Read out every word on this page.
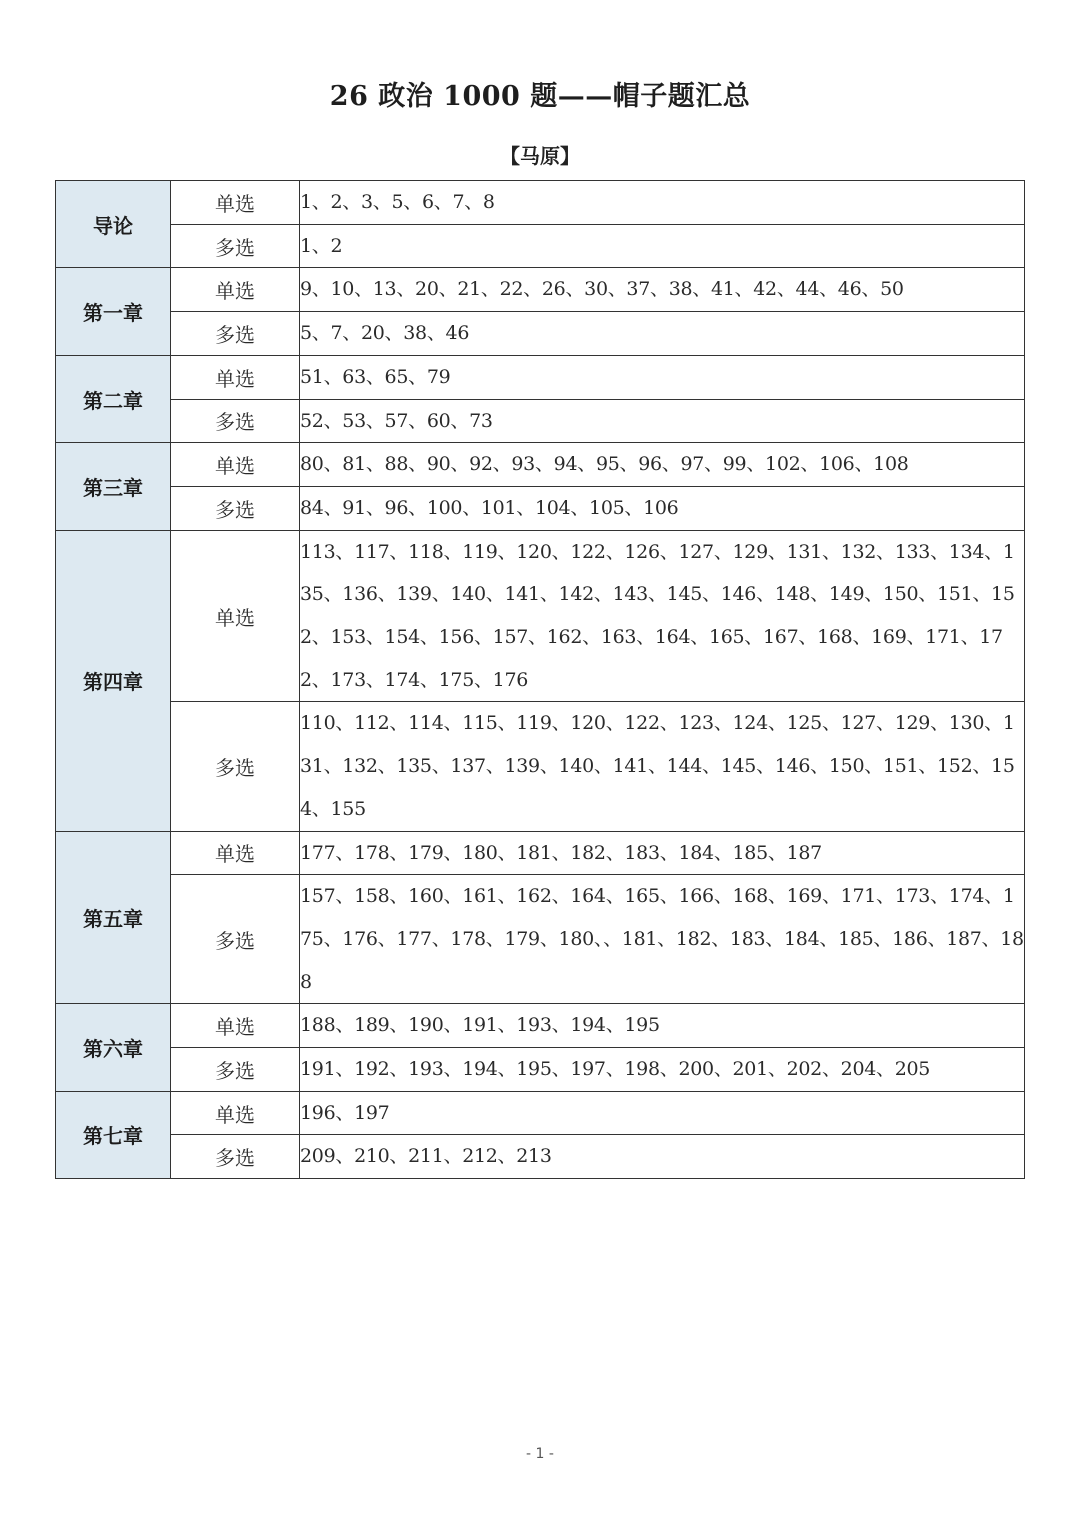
26 政治 1000 题——帽子题汇总
【马原】
导论	单选	1、2、3、5、6、7、8
	多选	1、2
第一章	单选	9、10、13、20、21、22、26、30、37、38、41、42、44、46、50
	多选	5、7、20、38、46
第二章	单选	51、63、65、79
	多选	52、53、57、60、73
第三章	单选	80、81、88、90、92、93、94、95、96、97、99、102、106、108
	多选	84、91、96、100、101、104、105、106
第四章	单选	113、117、118、119、120、122、126、127、129、131、132、133、134、135、136、139、140、141、142、143、145、146、148、149、150、151、152、153、154、156、157、162、163、164、165、167、168、169、171、172、173、174、175、176
	多选	110、112、114、115、119、120、122、123、124、125、127、129、130、131、132、135、137、139、140、141、144、145、146、150、151、152、154、155
第五章	单选	177、178、179、180、181、182、183、184、185、187
	多选	157、158、160、161、162、164、165、166、168、169、171、173、174、175、176、177、178、179、180、、181、182、183、184、185、186、187、188
第六章	单选	188、189、190、191、193、194、195
	多选	191、192、193、194、195、197、198、200、201、202、204、205
第七章	单选	196、197
	多选	209、210、211、212、213
- 1 -
